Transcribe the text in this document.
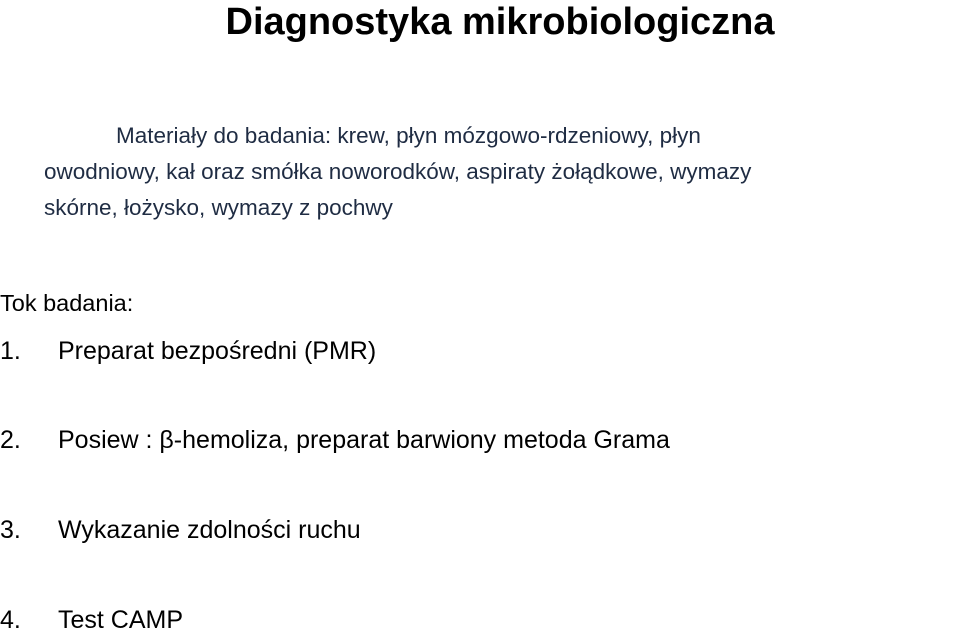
Diagnostyka mikrobiologiczna
Materiały do badania: krew, płyn mózgowo-rdzeniowy, płyn
owodniowy, kał oraz smółka noworodków, aspiraty żołądkowe, wymazy
skórne, łożysko, wymazy z pochwy
Tok badania:
1. Preparat bezpośredni (PMR)
2. Posiew : β-hemoliza, preparat barwiony metoda Grama
3. Wykazanie zdolności ruchu
4. Test CAMP
